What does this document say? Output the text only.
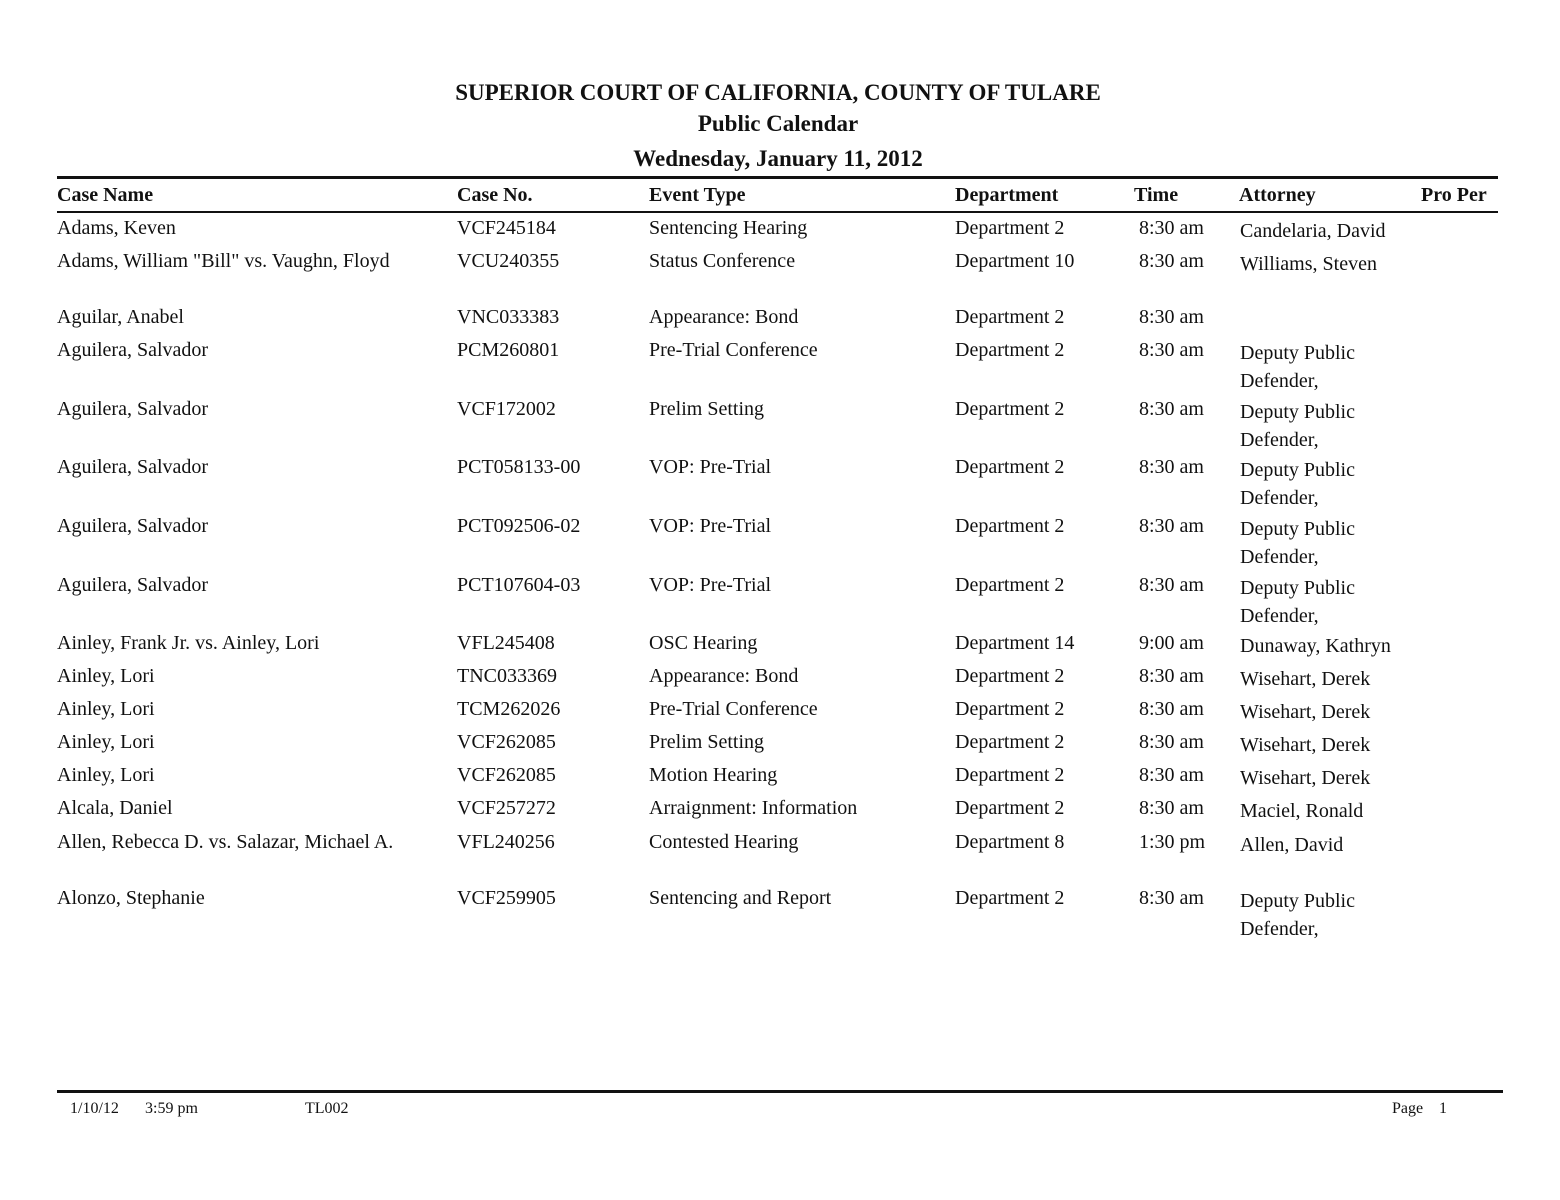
SUPERIOR COURT OF CALIFORNIA, COUNTY OF TULARE
Public Calendar
Wednesday, January 11, 2012
Case Name	Case No.	Event Type	Department	Time	Attorney	Pro Per
Adams, Keven	VCF245184	Sentencing Hearing	Department 2	8:30 am Candelaria, David
Adams, William "Bill" vs. Vaughn, Floyd	VCU240355	Status Conference	Department 10	8:30 am Williams, Steven
Aguilar, Anabel	VNC033383	Appearance: Bond	Department 2	8:30 am
Aguilera, Salvador	PCM260801	Pre-Trial Conference	Department 2	8:30 am Deputy Public Defender,
Aguilera, Salvador	VCF172002	Prelim Setting	Department 2	8:30 am Deputy Public Defender,
Aguilera, Salvador	PCT058133-00	VOP: Pre-Trial	Department 2	8:30 am Deputy Public Defender,
Aguilera, Salvador	PCT092506-02	VOP: Pre-Trial	Department 2	8:30 am Deputy Public Defender,
Aguilera, Salvador	PCT107604-03	VOP: Pre-Trial	Department 2	8:30 am Deputy Public Defender,
Ainley, Frank Jr. vs. Ainley, Lori	VFL245408	OSC Hearing	Department 14	9:00 am Dunaway, Kathryn
Ainley, Lori	TNC033369	Appearance: Bond	Department 2	8:30 am Wisehart, Derek
Ainley, Lori	TCM262026	Pre-Trial Conference	Department 2	8:30 am Wisehart, Derek
Ainley, Lori	VCF262085	Prelim Setting	Department 2	8:30 am Wisehart, Derek
Ainley, Lori	VCF262085	Motion Hearing	Department 2	8:30 am Wisehart, Derek
Alcala, Daniel	VCF257272	Arraignment: Information	Department 2	8:30 am Maciel, Ronald
Allen, Rebecca D. vs. Salazar, Michael A.	VFL240256	Contested Hearing	Department 8	1:30 pm Allen, David
Alonzo, Stephanie	VCF259905	Sentencing and Report	Department 2	8:30 am Deputy Public Defender,
1/10/12 3:59 pm	TL002	Page 1
